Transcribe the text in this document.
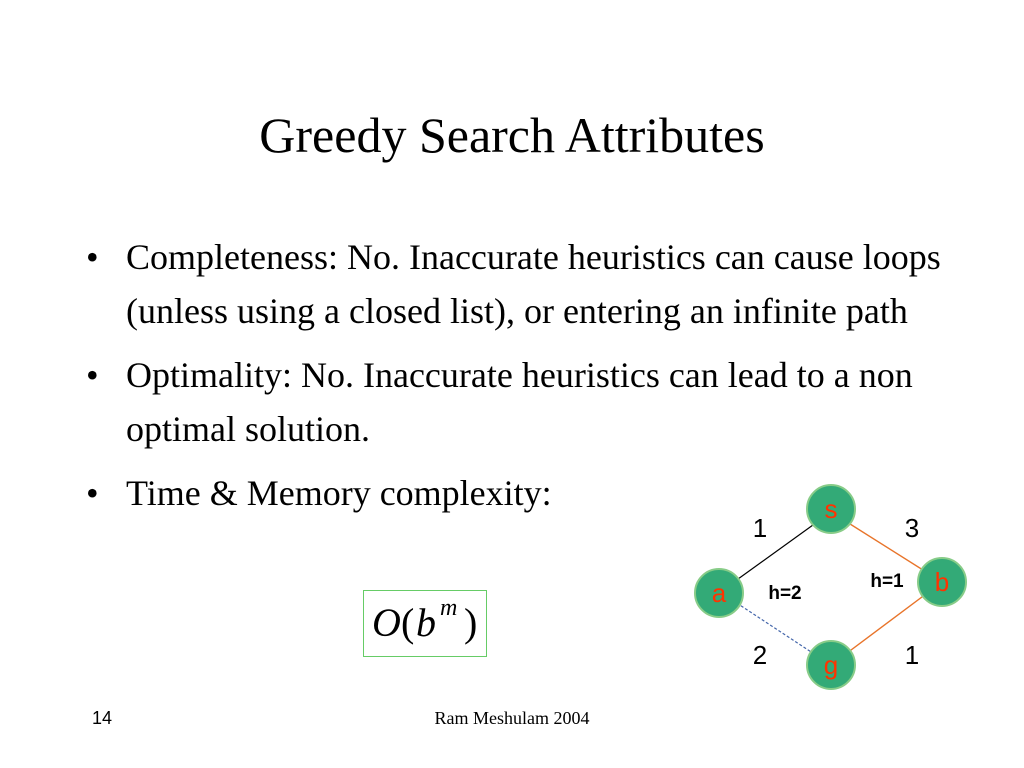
Greedy Search Attributes
• Completeness: No. Inaccurate heuristics can cause loops (unless using a closed list), or entering an infinite path
• Optimality: No. Inaccurate heuristics can lead to a non optimal solution.
• Time & Memory complexity:
O ( b m )
1	3
2	1
h=2
h=1
s
a	b
g
14	Ram Meshulam 2004
